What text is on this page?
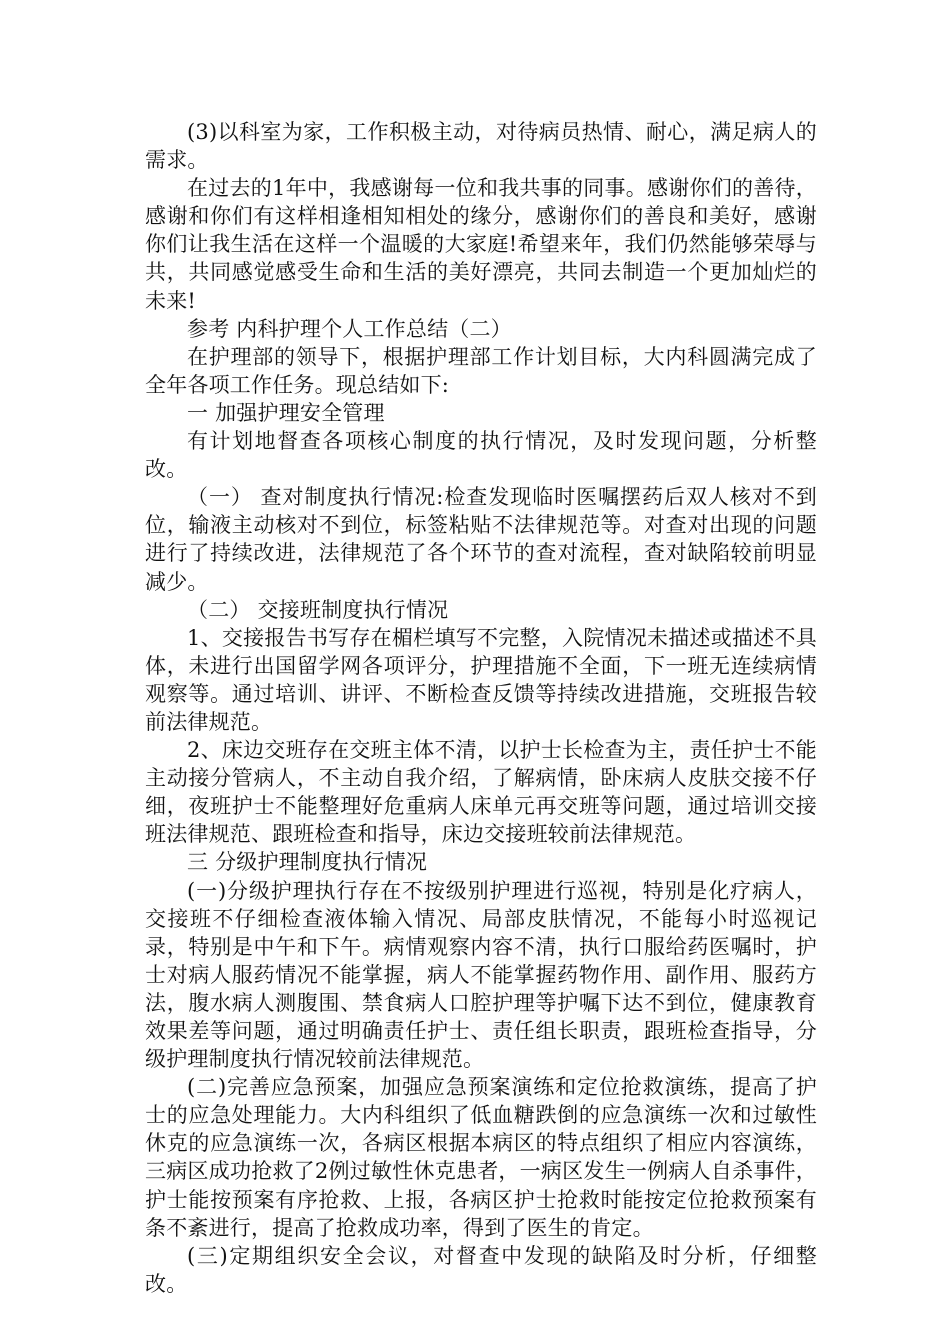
(3)以科室为家，工作积极主动，对待病员热情、耐心，满足病人的需求。

在过去的1年中，我感谢每一位和我共事的同事。感谢你们的善待，感谢和你们有这样相逢相知相处的缘分，感谢你们的善良和美好，感谢你们让我生活在这样一个温暖的大家庭!希望来年，我们仍然能够荣辱与共，共同感觉感受生命和生活的美好漂亮，共同去制造一个更加灿烂的未来!

参考 内科护理个人工作总结（二）

在护理部的领导下，根据护理部工作计划目标，大内科圆满完成了全年各项工作任务。现总结如下:

一 加强护理安全管理

有计划地督查各项核心制度的执行情况，及时发现问题，分析整改。

（一） 查对制度执行情况:检查发现临时医嘱摆药后双人核对不到位，输液主动核对不到位，标签粘贴不法律规范等。对查对出现的问题进行了持续改进，法律规范了各个环节的查对流程，查对缺陷较前明显减少。

（二） 交接班制度执行情况

1、交接报告书写存在楣栏填写不完整，入院情况未描述或描述不具体，未进行出国留学网各项评分，护理措施不全面，下一班无连续病情观察等。通过培训、讲评、不断检查反馈等持续改进措施，交班报告较前法律规范。

2、床边交班存在交班主体不清，以护士长检查为主，责任护士不能主动接分管病人，不主动自我介绍，了解病情，卧床病人皮肤交接不仔细，夜班护士不能整理好危重病人床单元再交班等问题，通过培训交接班法律规范、跟班检查和指导，床边交接班较前法律规范。

三 分级护理制度执行情况

(一)分级护理执行存在不按级别护理进行巡视，特别是化疗病人，交接班不仔细检查液体输入情况、局部皮肤情况，不能每小时巡视记录，特别是中午和下午。病情观察内容不清，执行口服给药医嘱时，护士对病人服药情况不能掌握，病人不能掌握药物作用、副作用、服药方法，腹水病人测腹围、禁食病人口腔护理等护嘱下达不到位，健康教育效果差等问题，通过明确责任护士、责任组长职责，跟班检查指导，分级护理制度执行情况较前法律规范。

(二)完善应急预案，加强应急预案演练和定位抢救演练，提高了护士的应急处理能力。大内科组织了低血糖跌倒的应急演练一次和过敏性休克的应急演练一次，各病区根据本病区的特点组织了相应内容演练，三病区成功抢救了2例过敏性休克患者，一病区发生一例病人自杀事件，护士能按预案有序抢救、上报，各病区护士抢救时能按定位抢救预案有条不紊进行，提高了抢救成功率，得到了医生的肯定。

(三)定期组织安全会议，对督查中发现的缺陷及时分析，仔细整改。
